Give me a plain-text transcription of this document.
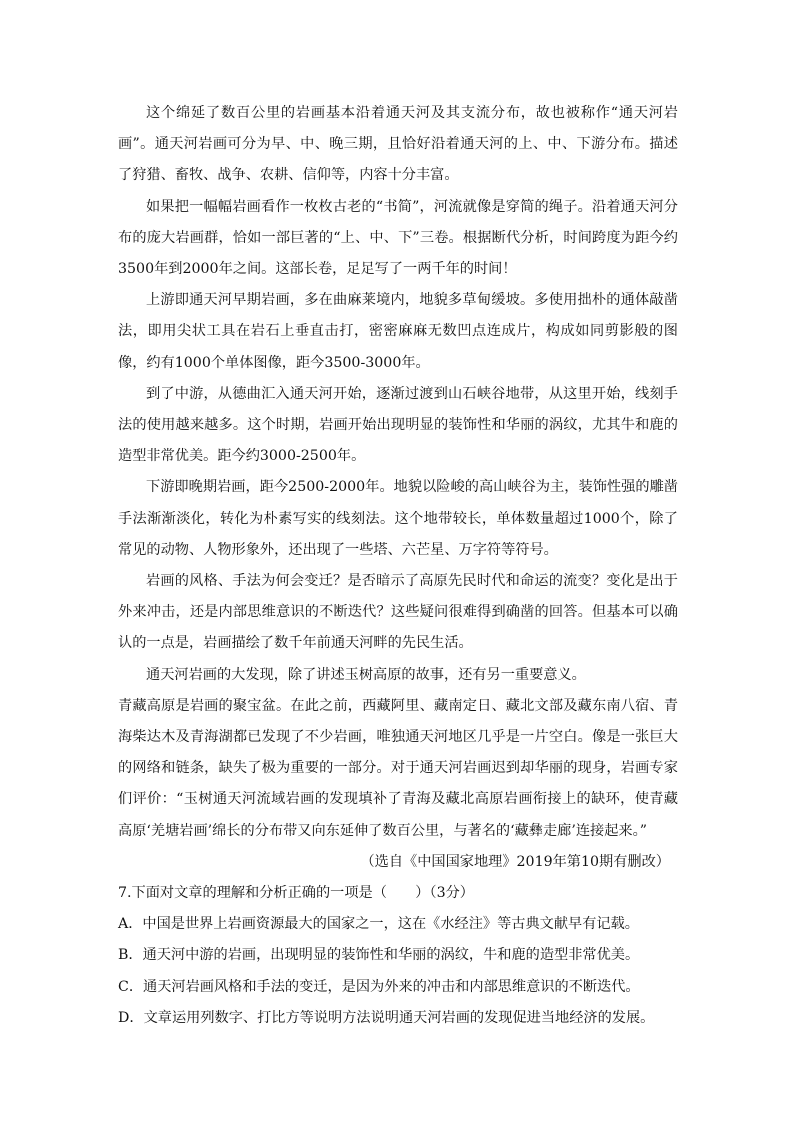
这个绵延了数百公里的岩画基本沿着通天河及其支流分布，故也被称作“通天河岩画”。通天河岩画可分为早、中、晚三期，且恰好沿着通天河的上、中、下游分布。描述了狩猎、畜牧、战争、农耕、信仰等，内容十分丰富。

如果把一幅幅岩画看作一枚枚古老的“书简”，河流就像是穿简的绳子。沿着通天河分布的庞大岩画群，恰如一部巨著的“上、中、下”三卷。根据断代分析，时间跨度为距今约3500年到2000年之间。这部长卷，足足写了一两千年的时间！

上游即通天河早期岩画，多在曲麻莱境内，地貌多草甸缓坡。多使用拙朴的通体敲凿法，即用尖状工具在岩石上垂直击打，密密麻麻无数凹点连成片，构成如同剪影般的图像，约有1000个单体图像，距今3500-3000年。

到了中游，从德曲汇入通天河开始，逐渐过渡到山石峡谷地带，从这里开始，线刻手法的使用越来越多。这个时期，岩画开始出现明显的装饰性和华丽的涡纹，尤其牛和鹿的造型非常优美。距今约3000-2500年。

下游即晚期岩画，距今2500-2000年。地貌以险峻的高山峡谷为主，装饰性强的雕凿手法渐渐淡化，转化为朴素写实的线刻法。这个地带较长，单体数量超过1000个，除了常见的动物、人物形象外，还出现了一些塔、六芒星、万字符等符号。

岩画的风格、手法为何会变迁？是否暗示了高原先民时代和命运的流变？变化是出于外来冲击，还是内部思维意识的不断迭代？这些疑问很难得到确凿的回答。但基本可以确认的一点是，岩画描绘了数千年前通天河畔的先民生活。

通天河岩画的大发现，除了讲述玉树高原的故事，还有另一重要意义。

青藏高原是岩画的聚宝盆。在此之前，西藏阿里、藏南定日、藏北文部及藏东南八宿、青海柴达木及青海湖都已发现了不少岩画，唯独通天河地区几乎是一片空白。像是一张巨大的网络和链条，缺失了极为重要的一部分。对于通天河岩画迟到却华丽的现身，岩画专家们评价：“玉树通天河流域岩画的发现填补了青海及藏北高原岩画衔接上的缺环，使青藏高原‘羌塘岩画’绵长的分布带又向东延伸了数百公里，与著名的‘藏彝走廊’连接起来。”

（选自《中国国家地理》2019年第10期有删改）

7.下面对文章的理解和分析正确的一项是（　　）（3分）

A．中国是世界上岩画资源最大的国家之一，这在《水经注》等古典文献早有记载。

B．通天河中游的岩画，出现明显的装饰性和华丽的涡纹，牛和鹿的造型非常优美。

C．通天河岩画风格和手法的变迁，是因为外来的冲击和内部思维意识的不断迭代。

D．文章运用列数字、打比方等说明方法说明通天河岩画的发现促进当地经济的发展。
